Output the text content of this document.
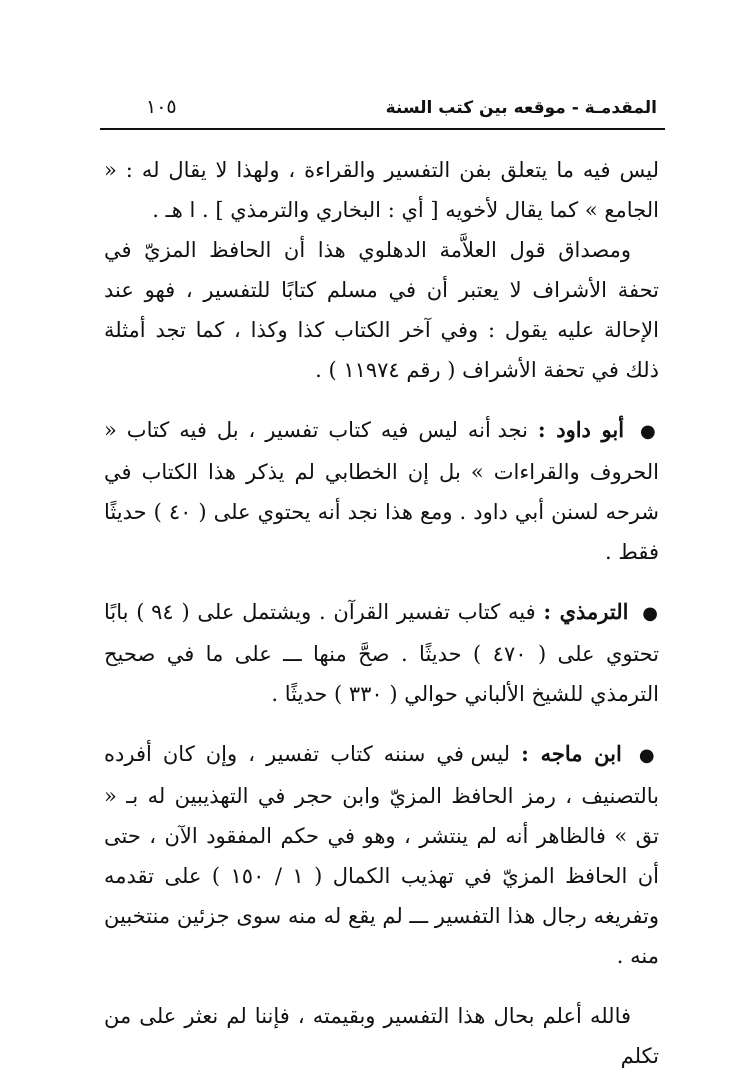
المقدمـة - موقعه بين كتب السنة
١٠٥

ليس فيه ما يتعلق بفن التفسير والقراءة ، ولهذا لا يقال له : « الجامع » كما يقال لأخويه [ أي : البخاري والترمذي ] . ا هـ .

ومصداق قول العلاَّمة الدهلوي هذا أن الحافظ المزيّ في تحفة الأشراف لا يعتبر أن في مسلم كتابًا للتفسير ، فهو عند الإحالة عليه يقول : وفي آخر الكتاب كذا وكذا ، كما تجد أمثلة ذلك في تحفة الأشراف ( رقم ١١٩٧٤ ) .

● أبو داود : نجد أنه ليس فيه كتاب تفسير ، بل فيه كتاب « الحروف والقراءات » بل إن الخطابي لم يذكر هذا الكتاب في شرحه لسنن أبي داود . ومع هذا نجد أنه يحتوي على ( ٤٠ ) حديثًا فقط .

● الترمذي : فيه كتاب تفسير القرآن . ويشتمل على ( ٩٤ ) بابًا تحتوي على ( ٤٧٠ ) حديثًا . صحَّ منها ـــ على ما في صحيح الترمذي للشيخ الألباني حوالي ( ٣٣٠ ) حديثًا .

● ابن ماجه : ليس في سننه كتاب تفسير ، وإن كان أفرده بالتصنيف ، رمز الحافظ المزيّ وابن حجر في التهذيبين له بـ « تق » فالظاهر أنه لم ينتشر ، وهو في حكم المفقود الآن ، حتى أن الحافظ المزيّ في تهذيب الكمال ( ١ / ١٥٠ ) على تقدمه وتفريغه رجال هذا التفسير ـــ لم يقع له منه سوى جزئين منتخبين منه .

فالله أعلم بحال هذا التفسير وبقيمته ، فإننا لم نعثر على من تكلم
